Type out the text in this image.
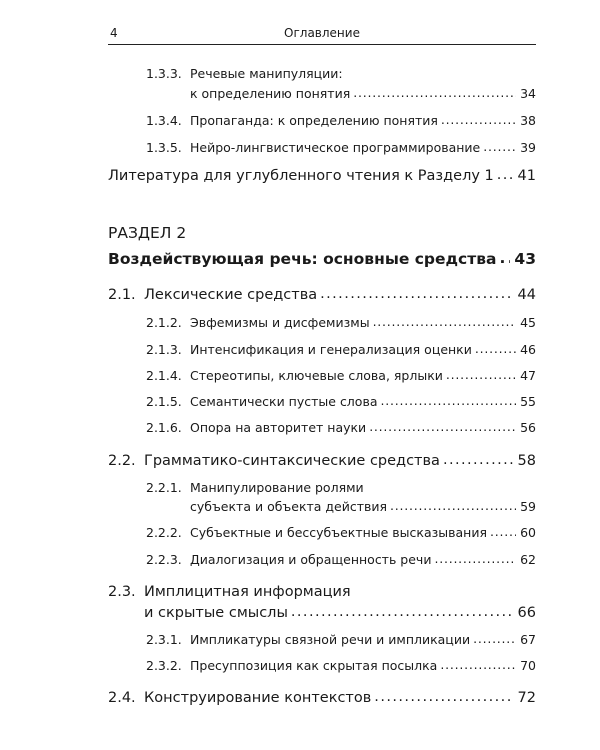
4	Оглавление
1.3.3. Речевые манипуляции:
к определению понятия . . .	34
1.3.4. Пропаганда: к определению понятия . . .	38
1.3.5. Нейро-лингвистическое программирование . . .	39
Литература для углубленного чтения к Разделу 1 . . . 41
РАЗДЕЛ 2
Воздействующая речь: основные средства . . . 43
2.1. Лексические средства . . .	44
2.1.2. Эвфемизмы и дисфемизмы . . .	45
2.1.3. Интенсификация и генерализация оценки . . .	46
2.1.4. Стереотипы, ключевые слова, ярлыки . . .	47
2.1.5. Семантически пустые слова . . .	55
2.1.6. Опора на авторитет науки . . .	56
2.2. Грамматико-синтаксические средства . . .	58
2.2.1. Манипулирование ролями
субъекта и объекта действия . . .	59
2.2.2. Субъектные и бессубъектные высказывания . . .	60
2.2.3. Диалогизация и обращенность речи . . .	62
2.3. Имплицитная информация
и скрытые смыслы . . .	66
2.3.1. Импликатуры связной речи и импликации . . .	67
2.3.2. Пресуппозиция как скрытая посылка . . .	70
2.4. Конструирование контекстов . . .	72
